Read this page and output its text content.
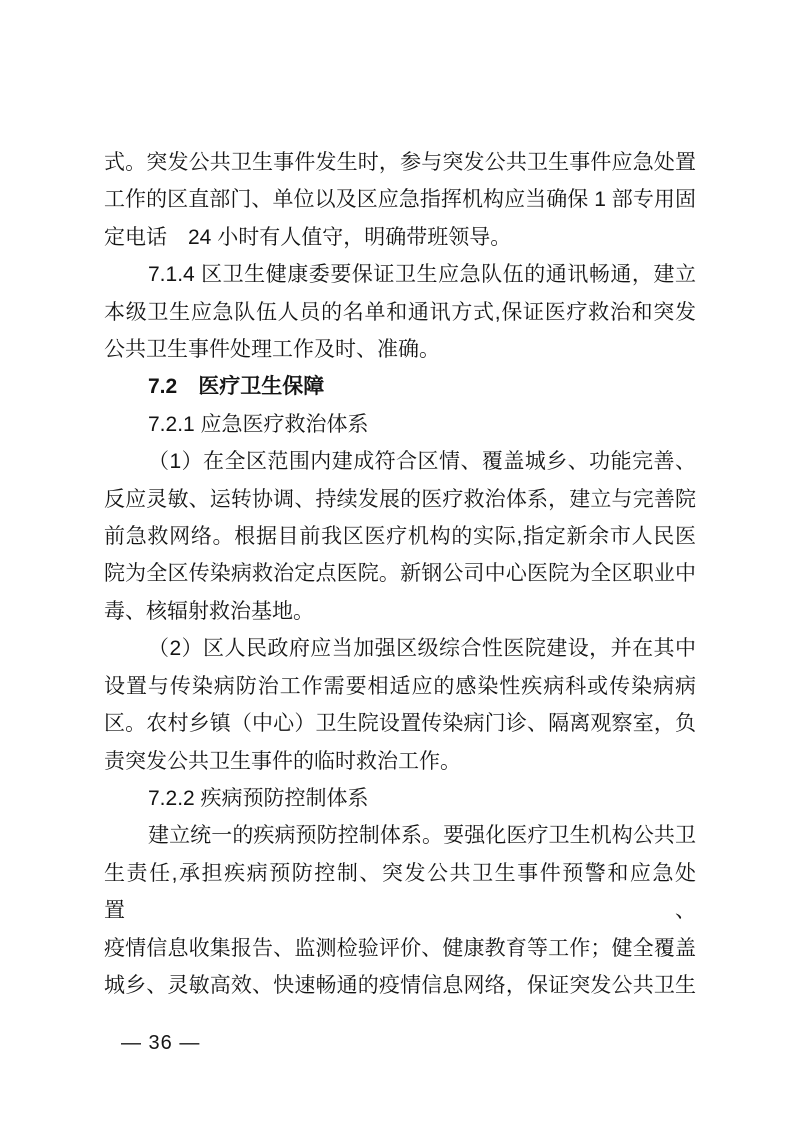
式。突发公共卫生事件发生时，参与突发公共卫生事件应急处置

工作的区直部门、单位以及区应急指挥机构应当确保 1 部专用固

定电话　24 小时有人值守，明确带班领导。

7.1.4 区卫生健康委要保证卫生应急队伍的通讯畅通，建立

本级卫生应急队伍人员的名单和通讯方式,保证医疗救治和突发

公共卫生事件处理工作及时、准确。

7.2　医疗卫生保障

7.2.1 应急医疗救治体系

（1）在全区范围内建成符合区情、覆盖城乡、功能完善、

反应灵敏、运转协调、持续发展的医疗救治体系，建立与完善院

前急救网络。根据目前我区医疗机构的实际,指定新余市人民医

院为全区传染病救治定点医院。新钢公司中心医院为全区职业中

毒、核辐射救治基地。

（2）区人民政府应当加强区级综合性医院建设，并在其中

设置与传染病防治工作需要相适应的感染性疾病科或传染病病

区。农村乡镇（中心）卫生院设置传染病门诊、隔离观察室，负

责突发公共卫生事件的临时救治工作。

7.2.2 疾病预防控制体系

建立统一的疾病预防控制体系。要强化医疗卫生机构公共卫

生责任,承担疾病预防控制、突发公共卫生事件预警和应急处置、

疫情信息收集报告、监测检验评价、健康教育等工作；健全覆盖

城乡、灵敏高效、快速畅通的疫情信息网络，保证突发公共卫生

— 36 —
